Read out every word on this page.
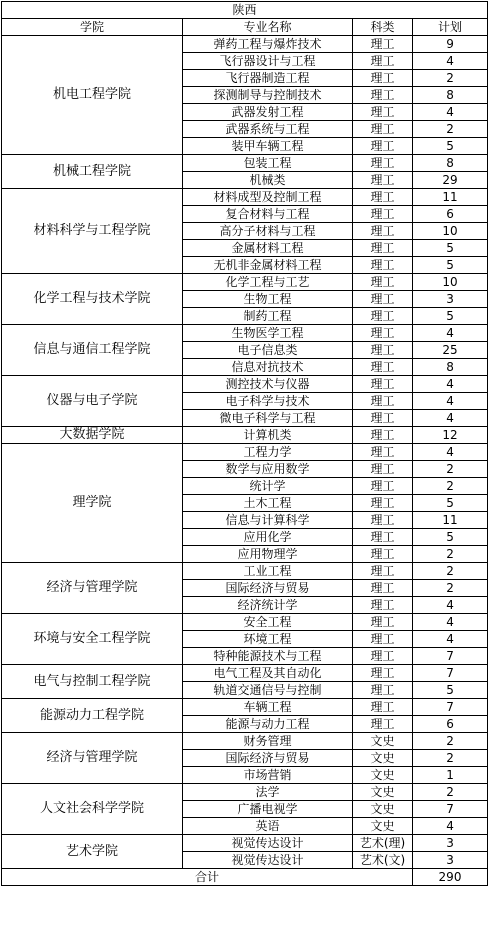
陕西			
学院	专业名称	科类	计划
机电工程学院	弹药工程与爆炸技术	理工	9
	飞行器设计与工程	理工	4
	飞行器制造工程	理工	2
	探测制导与控制技术	理工	8
	武器发射工程	理工	4
	武器系统与工程	理工	2
	装甲车辆工程	理工	5
机械工程学院	包装工程	理工	8
	机械类	理工	29
材料科学与工程学院	材料成型及控制工程	理工	11
	复合材料与工程	理工	6
	高分子材料与工程	理工	10
	金属材料工程	理工	5
	无机非金属材料工程	理工	5
化学工程与技术学院	化学工程与工艺	理工	10
	生物工程	理工	3
	制药工程	理工	5
信息与通信工程学院	生物医学工程	理工	4
	电子信息类	理工	25
	信息对抗技术	理工	8
仪器与电子学院	测控技术与仪器	理工	4
	电子科学与技术	理工	4
	微电子科学与工程	理工	4
大数据学院	计算机类	理工	12
理学院	工程力学	理工	4
	数学与应用数学	理工	2
	统计学	理工	2
	土木工程	理工	5
	信息与计算科学	理工	11
	应用化学	理工	5
	应用物理学	理工	2
经济与管理学院	工业工程	理工	2
	国际经济与贸易	理工	2
	经济统计学	理工	4
环境与安全工程学院	安全工程	理工	4
	环境工程	理工	4
	特种能源技术与工程	理工	7
电气与控制工程学院	电气工程及其自动化	理工	7
	轨道交通信号与控制	理工	5
能源动力工程学院	车辆工程	理工	7
	能源与动力工程	理工	6
经济与管理学院	财务管理	文史	2
	国际经济与贸易	文史	2
	市场营销	文史	1
人文社会科学学院	法学	文史	2
	广播电视学	文史	7
	英语	文史	4
艺术学院	视觉传达设计	艺术(理)	3
	视觉传达设计	艺术(文)	3
合计			290
